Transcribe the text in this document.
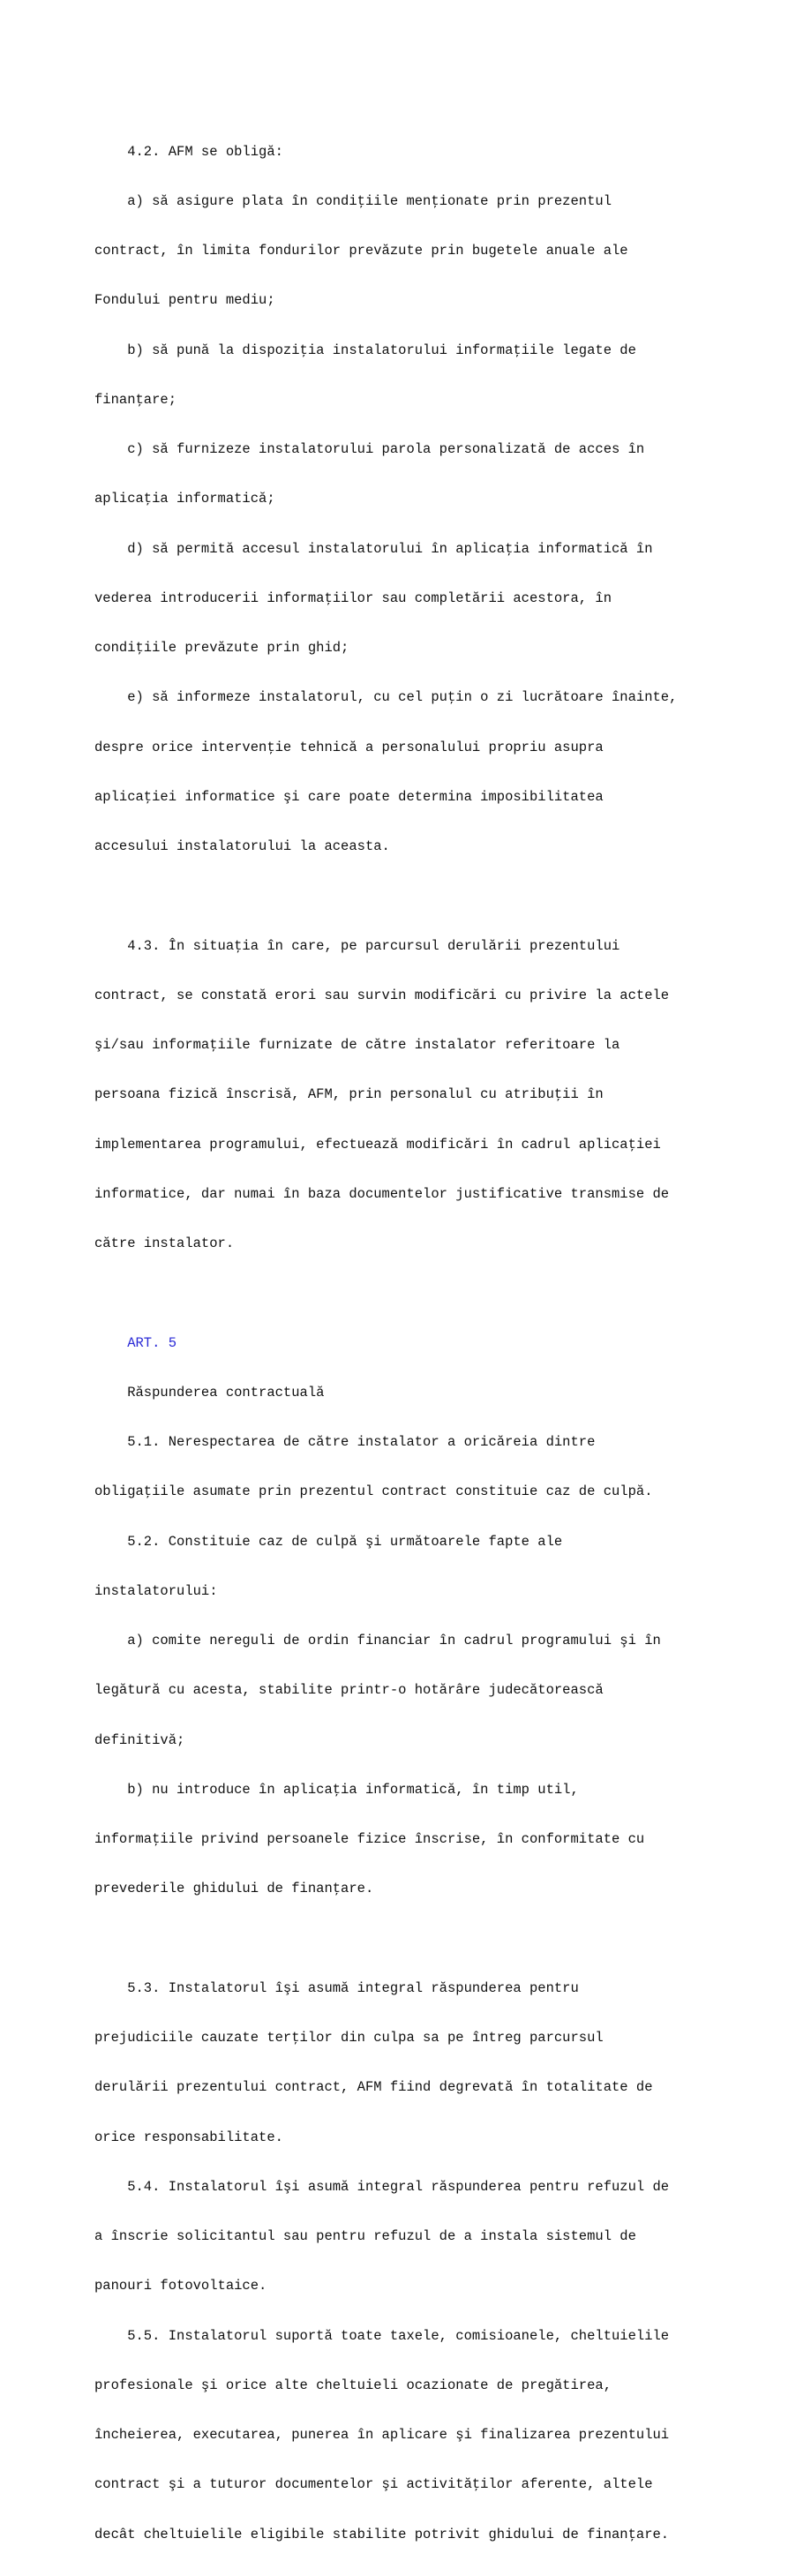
4.2. AFM se obligă:

a) să asigure plata în condiţiile menţionate prin prezentul

contract, în limita fondurilor prevăzute prin bugetele anuale ale

Fondului pentru mediu;

b) să pună la dispoziţia instalatorului informaţiile legate de

finanţare;

c) să furnizeze instalatorului parola personalizată de acces în

aplicaţia informatică;

d) să permită accesul instalatorului în aplicaţia informatică în

vederea introducerii informaţiilor sau completării acestora, în

condiţiile prevăzute prin ghid;

e) să informeze instalatorul, cu cel puţin o zi lucrătoare înainte,

despre orice intervenţie tehnică a personalului propriu asupra

aplicaţiei informatice şi care poate determina imposibilitatea

accesului instalatorului la aceasta.

4.3. În situaţia în care, pe parcursul derulării prezentului

contract, se constată erori sau survin modificări cu privire la actele

şi/sau informaţiile furnizate de către instalator referitoare la

persoana fizică înscrisă, AFM, prin personalul cu atribuţii în

implementarea programului, efectuează modificări în cadrul aplicaţiei

informatice, dar numai în baza documentelor justificative transmise de

către instalator.

ART. 5

Răspunderea contractuală

5.1. Nerespectarea de către instalator a oricăreia dintre

obligaţiile asumate prin prezentul contract constituie caz de culpă.

5.2. Constituie caz de culpă şi următoarele fapte ale

instalatorului:

a) comite nereguli de ordin financiar în cadrul programului şi în

legătură cu acesta, stabilite printr-o hotărâre judecătorească

definitivă;

b) nu introduce în aplicaţia informatică, în timp util,

informaţiile privind persoanele fizice înscrise, în conformitate cu

prevederile ghidului de finanţare.

5.3. Instalatorul îşi asumă integral răspunderea pentru

prejudiciile cauzate terţilor din culpa sa pe întreg parcursul

derulării prezentului contract, AFM fiind degrevată în totalitate de

orice responsabilitate.

5.4. Instalatorul îşi asumă integral răspunderea pentru refuzul de

a înscrie solicitantul sau pentru refuzul de a instala sistemul de

panouri fotovoltaice.

5.5. Instalatorul suportă toate taxele, comisioanele, cheltuielile

profesionale şi orice alte cheltuieli ocazionate de pregătirea,

încheierea, executarea, punerea în aplicare şi finalizarea prezentului

contract şi a tuturor documentelor şi activităţilor aferente, altele

decât cheltuielile eligibile stabilite potrivit ghidului de finanţare.
